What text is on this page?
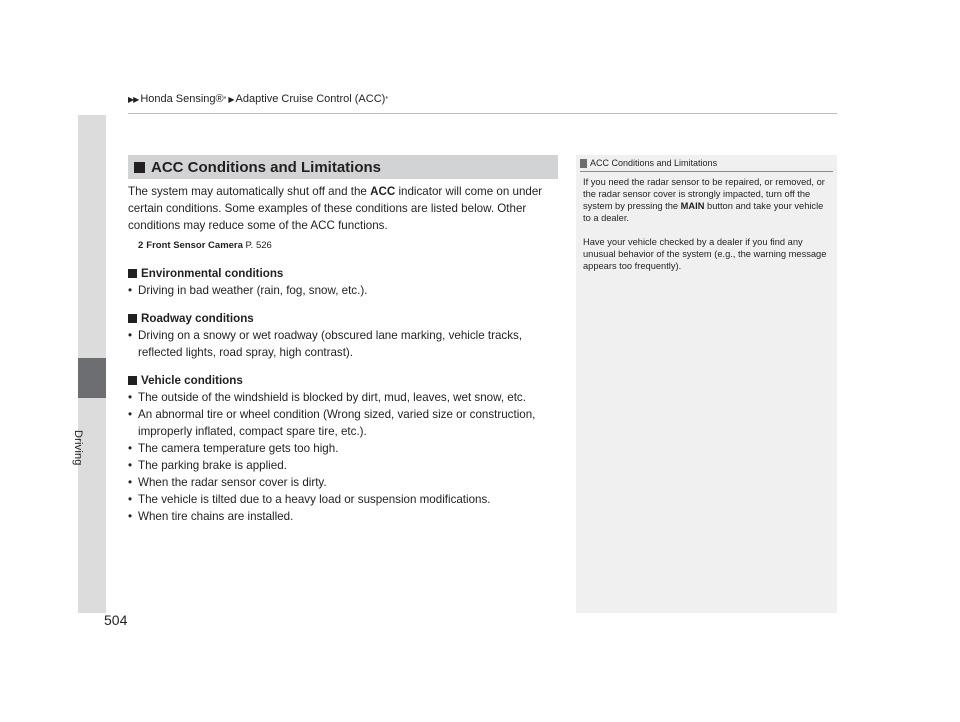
Driving
▶▶ Honda Sensing® * ▶ Adaptive Cruise Control (ACC) *
ACC Conditions and Limitations

The system may automatically shut off and the ACC indicator will come on under certain conditions. Some examples of these conditions are listed below. Other conditions may reduce some of the ACC functions.

2 Front Sensor Camera P. 526
Environmental conditions
• Driving in bad weather (rain, fog, snow, etc.).
Roadway conditions
• Driving on a snowy or wet roadway (obscured lane marking, vehicle tracks, reflected lights, road spray, high contrast).
Vehicle conditions
• The outside of the windshield is blocked by dirt, mud, leaves, wet snow, etc.
• An abnormal tire or wheel condition (Wrong sized, varied size or construction, improperly inflated, compact spare tire, etc.).
• The camera temperature gets too high.
• The parking brake is applied.
• When the radar sensor cover is dirty.
• The vehicle is tilted due to a heavy load or suspension modifications.
• When tire chains are installed.
ACC Conditions and Limitations

If you need the radar sensor to be repaired, or removed, or the radar sensor cover is strongly impacted, turn off the system by pressing the MAIN button and take your vehicle to a dealer.

Have your vehicle checked by a dealer if you find any unusual behavior of the system (e.g., the warning message appears too frequently).

504
